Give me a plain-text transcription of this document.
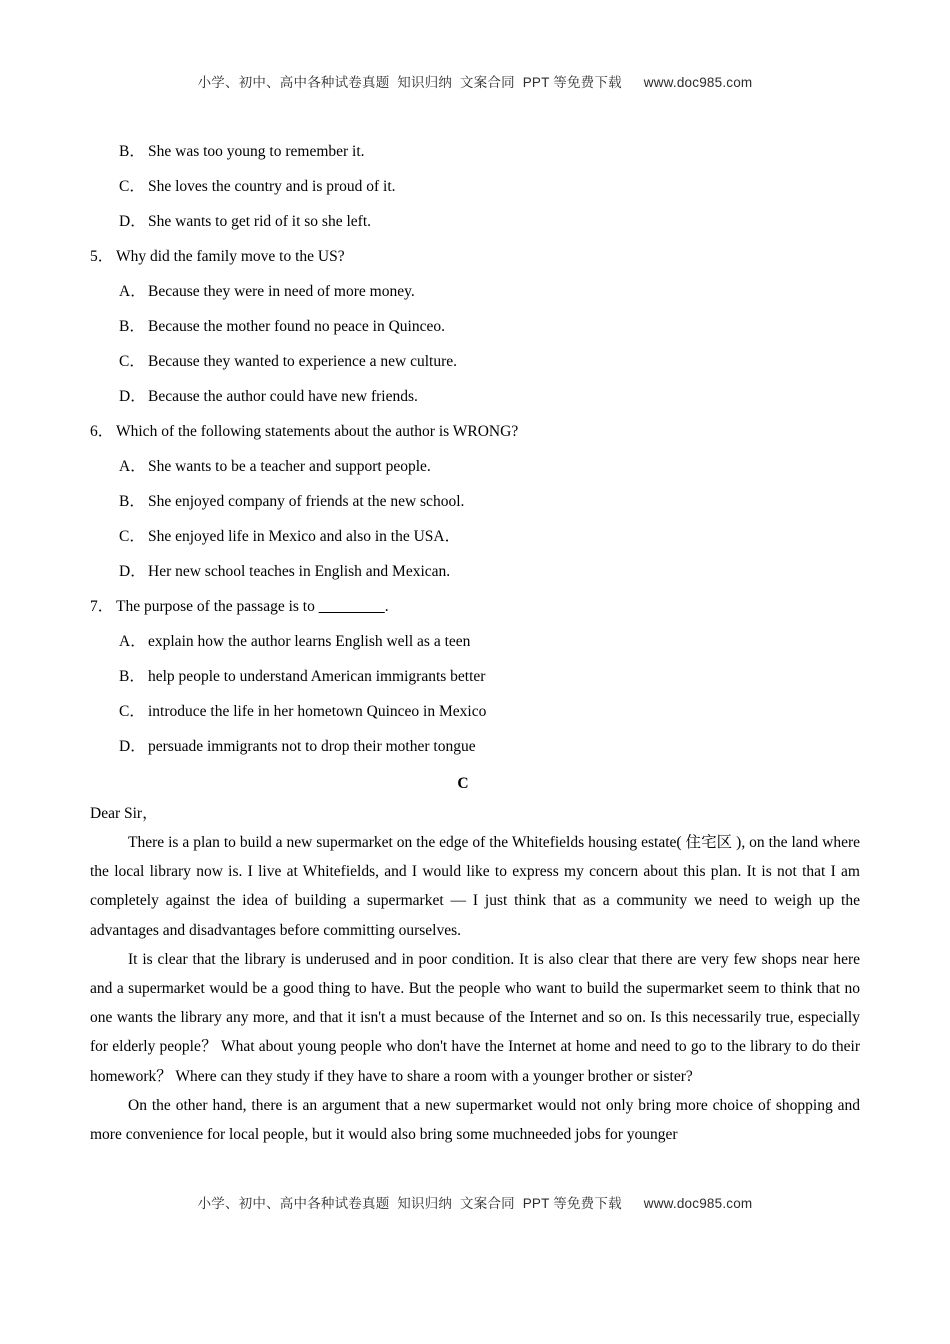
小学、初中、高中各种试卷真题  知识归纳  文案合同  PPT 等免费下载 www.doc985.com
B． She was too young to remember it.
C． She loves the country and is proud of it.
D． She wants to get rid of it so she left.
5． Why did the family move to the US?
A． Because they were in need of more money.
B． Because the mother found no peace in Quinceo.
C． Because they wanted to experience a new culture.
D． Because the author could have new friends.
6． Which of the following statements about the author is WRONG?
A． She wants to be a teacher and support people.
B． She enjoyed company of friends at the new school.
C． She enjoyed life in Mexico and also in the USA．
D． Her new school teaches in English and Mexican.
7． The purpose of the passage is to ________.
A． explain how the author learns English well as a teen
B． help people to understand American immigrants better
C． introduce the life in her hometown Quinceo in Mexico
D． persuade immigrants not to drop their mother tongue
C
Dear Sir，
There is a plan to build a new supermarket on the edge of the Whitefields housing estate( 住宅区 ), on the land where the local library now is. I live at Whitefields, and I would like to express my concern about this plan. It is not that I am completely against the idea of building a supermarket — I just think that as a community we need to weigh up the advantages and disadvantages before committing ourselves.
It is clear that the library is underused and in poor condition. It is also clear that there are very few shops near here and a supermarket would be a good thing to have. But the people who want to build the supermarket seem to think that no one wants the library any more, and that it isn't a must because of the Internet and so on. Is this necessarily true, especially for elderly people？ What about young people who don't have the Internet at home and need to go to the library to do their homework？ Where can they study if they have to share a room with a younger brother or sister?
On the other hand, there is an argument that a new supermarket would not only bring more choice of shopping and more convenience for local people, but it would also bring some muchneeded jobs for younger
小学、初中、高中各种试卷真题  知识归纳  文案合同  PPT 等免费下载 www.doc985.com
